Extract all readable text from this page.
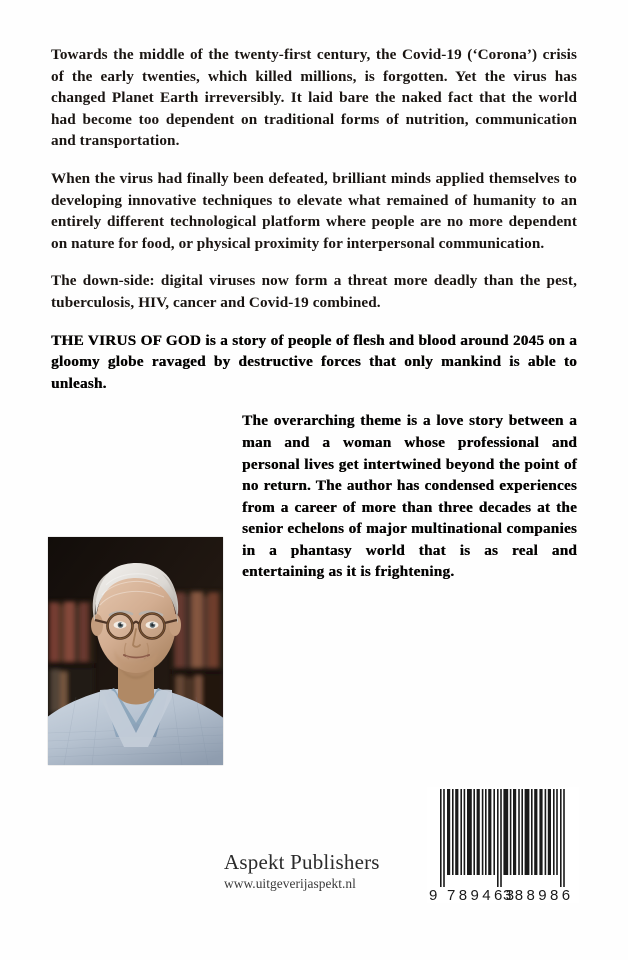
Towards the middle of the twenty-first century, the Covid-19 (‘Corona’) crisis of the early twenties, which killed millions, is forgotten. Yet the virus has changed Planet Earth irreversibly. It laid bare the naked fact that the world had become too dependent on traditional forms of nutrition, communication and transportation.

When the virus had finally been defeated, brilliant minds applied themselves to developing innovative techniques to elevate what remained of humanity to an entirely different technological platform where people are no more dependent on nature for food, or physical proximity for interpersonal communication.

The down-side: digital viruses now form a threat more deadly than the pest, tuberculosis, HIV, cancer and Covid-19 combined.

THE VIRUS OF GOD is a story of people of flesh and blood around 2045 on a gloomy globe ravaged by destructive forces that only mankind is able to unleash.

The overarching theme is a love story between a man and a woman whose professional and personal lives get intertwined beyond the point of no return. The author has condensed experiences from a career of more than three decades at the senior echelons of major multinational companies in a phantasy world that is as real and entertaining as it is frightening.

Aspekt Publishers
www.uitgeverijaspekt.nl
9 789463
388986
